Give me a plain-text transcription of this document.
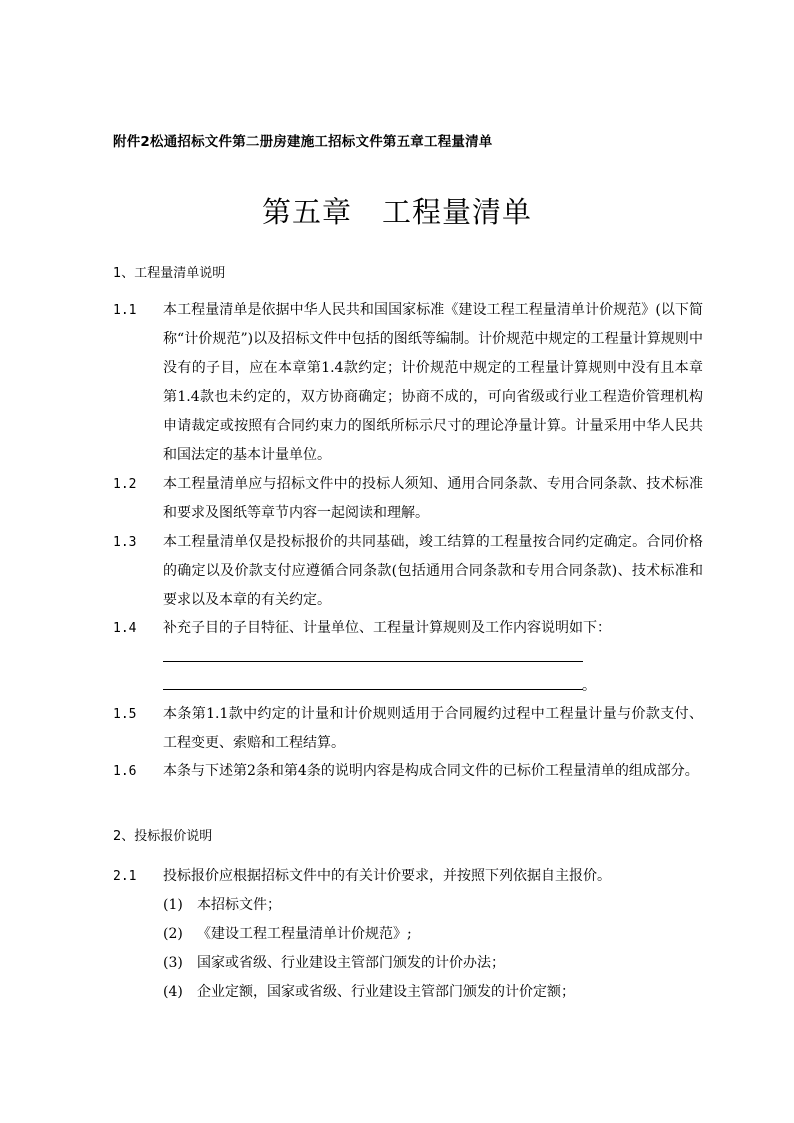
附件2松通招标文件第二册房建施工招标文件第五章工程量清单
第五章　工程量清单
1、工程量清单说明
1.1	本工程量清单是依据中华人民共和国国家标准《建设工程工程量清单计价规范》(以下简称“计价规范”)以及招标文件中包括的图纸等编制。计价规范中规定的工程量计算规则中没有的子目，应在本章第1.4款约定；计价规范中规定的工程量计算规则中没有且本章第1.4款也未约定的，双方协商确定；协商不成的，可向省级或行业工程造价管理机构申请裁定或按照有合同约束力的图纸所标示尺寸的理论净量计算。计量采用中华人民共和国法定的基本计量单位。
1.2	本工程量清单应与招标文件中的投标人须知、通用合同条款、专用合同条款、技术标准和要求及图纸等章节内容一起阅读和理解。
1.3	本工程量清单仅是投标报价的共同基础，竣工结算的工程量按合同约定确定。合同价格的确定以及价款支付应遵循合同条款(包括通用合同条款和专用合同条款)、技术标准和要求以及本章的有关约定。
1.4	补充子目的子目特征、计量单位、工程量计算规则及工作内容说明如下：
。
1.5	本条第1.1款中约定的计量和计价规则适用于合同履约过程中工程量计量与价款支付、工程变更、索赔和工程结算。
1.6	本条与下述第2条和第4条的说明内容是构成合同文件的已标价工程量清单的组成部分。
2、投标报价说明
2.1	投标报价应根据招标文件中的有关计价要求，并按照下列依据自主报价。
(1) 本招标文件；
(2) 《建设工程工程量清单计价规范》;
(3) 国家或省级、行业建设主管部门颁发的计价办法；
(4) 企业定额，国家或省级、行业建设主管部门颁发的计价定额；
